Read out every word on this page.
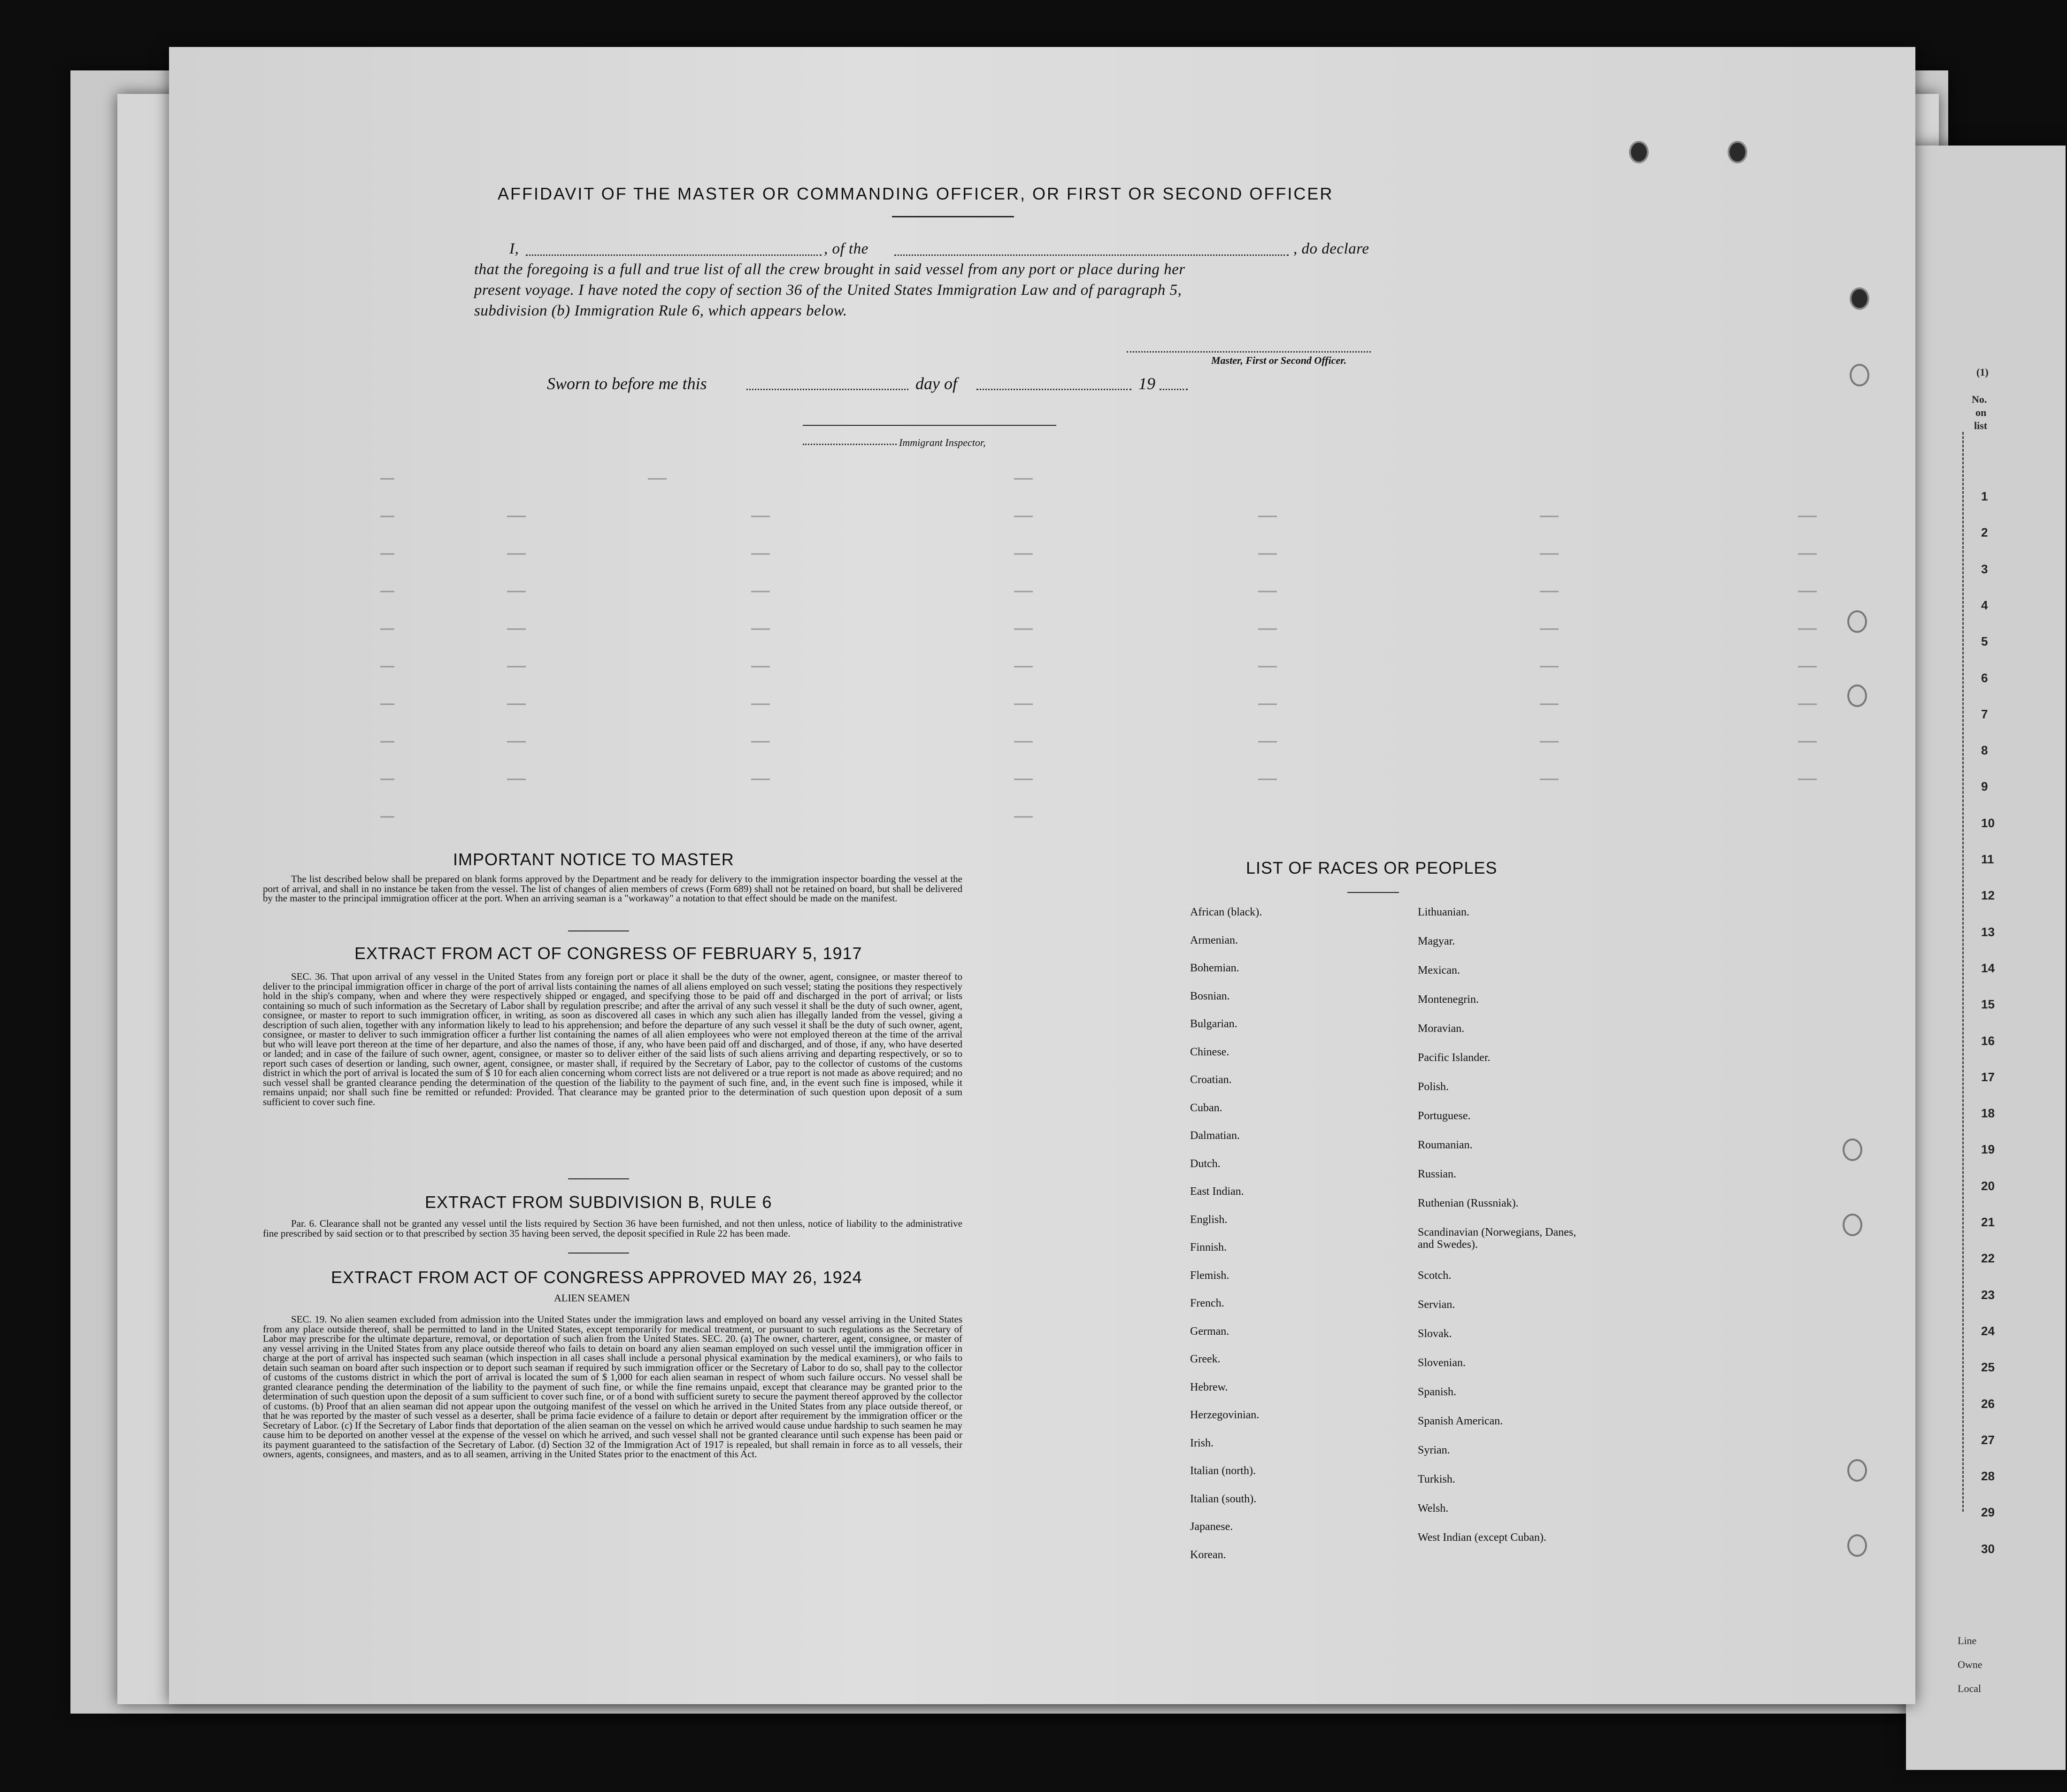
(1)
No.
on
list
1
2
3
4
5
6
7
8
9
10
11
12
13
14
15
16
17
18
19
20
21
22
23
24
25
26
27
28
29
30
Line
Owne
Local
AFFIDAVIT OF THE MASTER OR COMMANDING OFFICER, OR FIRST OR SECOND OFFICER
I,	, of the	, do declare
that the foregoing is a full and true list of all the crew brought in said vessel from any port or place during her
present voyage. I have noted the copy of section 36 of the United States Immigration Law and of paragraph 5,
subdivision (b) Immigration Rule 6, which appears below.
Master, First or Second Officer.
Sworn to before me this	day of	19
Immigrant Inspector,
IMPORTANT NOTICE TO MASTER

The list described below shall be prepared on blank forms approved by the Department and be ready for delivery to the immigration inspector boarding the vessel at the port of arrival, and shall in no instance be taken from the vessel. The list of changes of alien members of crews (Form 689) shall not be retained on board, but shall be delivered by the master to the principal immigration officer at the port. When an arriving seaman is a "workaway" a notation to that effect should be made on the manifest.

EXTRACT FROM ACT OF CONGRESS OF FEBRUARY 5, 1917

SEC. 36. That upon arrival of any vessel in the United States from any foreign port or place it shall be the duty of the owner, agent, consignee, or master thereof to deliver to the principal immigration officer in charge of the port of arrival lists containing the names of all aliens employed on such vessel; stating the positions they respectively hold in the ship's company, when and where they were respectively shipped or engaged, and specifying those to be paid off and discharged in the port of arrival; or lists containing so much of such information as the Secretary of Labor shall by regulation prescribe; and after the arrival of any such vessel it shall be the duty of such owner, agent, consignee, or master to report to such immigration officer, in writing, as soon as discovered all cases in which any such alien has illegally landed from the vessel, giving a description of such alien, together with any information likely to lead to his apprehension; and before the departure of any such vessel it shall be the duty of such owner, agent, consignee, or master to deliver to such immigration officer a further list containing the names of all alien employees who were not employed thereon at the time of the arrival but who will leave port thereon at the time of her departure, and also the names of those, if any, who have been paid off and discharged, and of those, if any, who have deserted or landed; and in case of the failure of such owner, agent, consignee, or master so to deliver either of the said lists of such aliens arriving and departing respectively, or so to report such cases of desertion or landing, such owner, agent, consignee, or master shall, if required by the Secretary of Labor, pay to the collector of customs of the customs district in which the port of arrival is located the sum of $ 10 for each alien concerning whom correct lists are not delivered or a true report is not made as above required; and no such vessel shall be granted clearance pending the determination of the question of the liability to the payment of such fine, and, in the event such fine is imposed, while it remains unpaid; nor shall such fine be remitted or refunded: Provided. That clearance may be granted prior to the determination of such question upon deposit of a sum sufficient to cover such fine.

EXTRACT FROM SUBDIVISION B, RULE 6

Par. 6. Clearance shall not be granted any vessel until the lists required by Section 36 have been furnished, and not then unless, notice of liability to the administrative fine prescribed by said section or to that prescribed by section 35 having been served, the deposit specified in Rule 22 has been made.

EXTRACT FROM ACT OF CONGRESS APPROVED MAY 26, 1924
ALIEN SEAMEN

SEC. 19. No alien seamen excluded from admission into the United States under the immigration laws and employed on board any vessel arriving in the United States from any place outside thereof, shall be permitted to land in the United States, except temporarily for medical treatment, or pursuant to such regulations as the Secretary of Labor may prescribe for the ultimate departure, removal, or deportation of such alien from the United States. SEC. 20. (a) The owner, charterer, agent, consignee, or master of any vessel arriving in the United States from any place outside thereof who fails to detain on board any alien seaman employed on such vessel until the immigration officer in charge at the port of arrival has inspected such seaman (which inspection in all cases shall include a personal physical examination by the medical examiners), or who fails to detain such seaman on board after such inspection or to deport such seaman if required by such immigration officer or the Secretary of Labor to do so, shall pay to the collector of customs of the customs district in which the port of arrival is located the sum of $ 1,000 for each alien seaman in respect of whom such failure occurs. No vessel shall be granted clearance pending the determination of the liability to the payment of such fine, or while the fine remains unpaid, except that clearance may be granted prior to the determination of such question upon the deposit of a sum sufficient to cover such fine, or of a bond with sufficient surety to secure the payment thereof approved by the collector of customs. (b) Proof that an alien seaman did not appear upon the outgoing manifest of the vessel on which he arrived in the United States from any place outside thereof, or that he was reported by the master of such vessel as a deserter, shall be prima facie evidence of a failure to detain or deport after requirement by the immigration officer or the Secretary of Labor. (c) If the Secretary of Labor finds that deportation of the alien seaman on the vessel on which he arrived would cause undue hardship to such seamen he may cause him to be deported on another vessel at the expense of the vessel on which he arrived, and such vessel shall not be granted clearance until such expense has been paid or its payment guaranteed to the satisfaction of the Secretary of Labor. (d) Section 32 of the Immigration Act of 1917 is repealed, but shall remain in force as to all vessels, their owners, agents, consignees, and masters, and as to all seamen, arriving in the United States prior to the enactment of this Act.

LIST OF RACES OR PEOPLES
African (black).
Armenian.
Bohemian.
Bosnian.
Bulgarian.
Chinese.
Croatian.
Cuban.
Dalmatian.
Dutch.
East Indian.
English.
Finnish.
Flemish.
French.
German.
Greek.
Hebrew.
Herzegovinian.
Irish.
Italian (north).
Italian (south).
Japanese.
Korean.
Lithuanian.
Magyar.
Mexican.
Montenegrin.
Moravian.
Pacific Islander.
Polish.
Portuguese.
Roumanian.
Russian.
Ruthenian (Russniak).
Scandinavian (Norwegians, Danes, and Swedes).
Scotch.
Servian.
Slovak.
Slovenian.
Spanish.
Spanish American.
Syrian.
Turkish.
Welsh.
West Indian (except Cuban).
